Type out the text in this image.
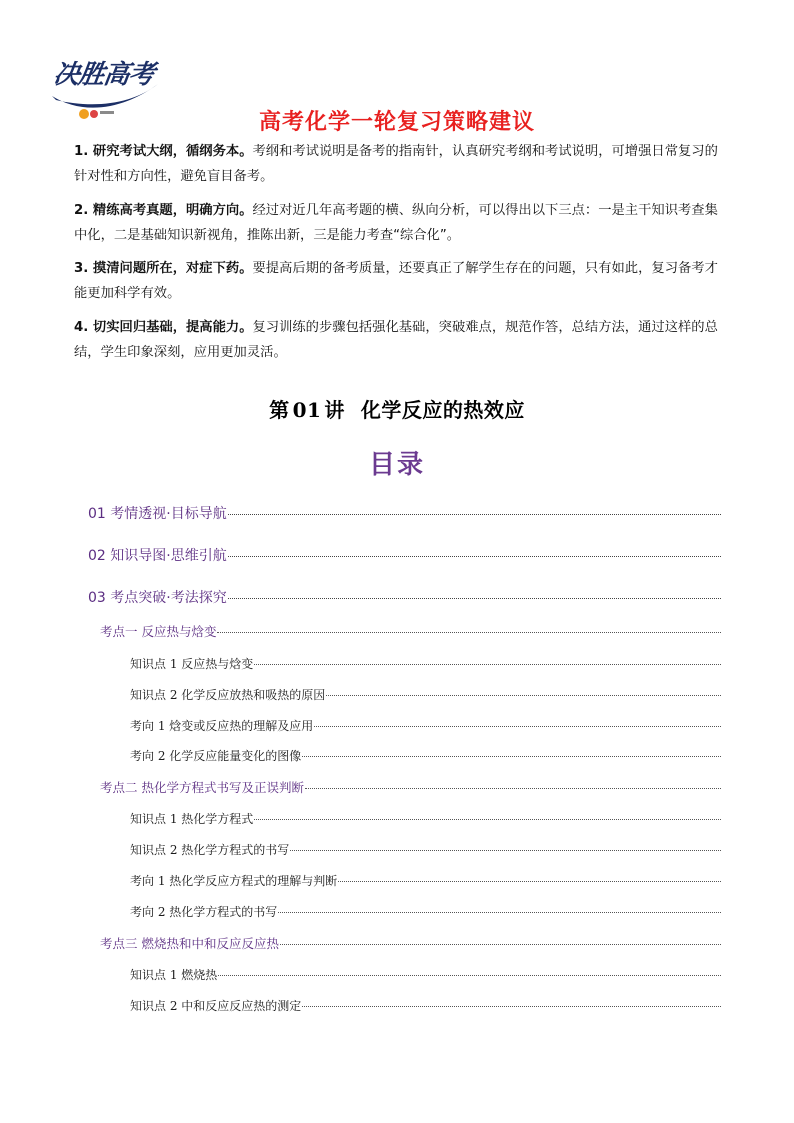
决胜高考
高考化学一轮复习策略建议
1. 研究考试大纲，循纲务本。考纲和考试说明是备考的指南针，认真研究考纲和考试说明，可增强日常复习的针对性和方向性，避免盲目备考。
2. 精练高考真题，明确方向。经过对近几年高考题的横、纵向分析，可以得出以下三点：一是主干知识考查集中化，二是基础知识新视角，推陈出新，三是能力考查“综合化”。
3. 摸清问题所在，对症下药。要提高后期的备考质量，还要真正了解学生存在的问题，只有如此，复习备考才能更加科学有效。
4. 切实回归基础，提高能力。复习训练的步骤包括强化基础，突破难点，规范作答，总结方法，通过这样的总结，学生印象深刻，应用更加灵活。
第 01 讲 化学反应的热效应
目录
01 考情透视·目标导航
02 知识导图·思维引航
03 考点突破·考法探究
考点一 反应热与焓变
知识点 1 反应热与焓变
知识点 2 化学反应放热和吸热的原因
考向 1 焓变或反应热的理解及应用
考向 2 化学反应能量变化的图像
考点二 热化学方程式书写及正误判断
知识点 1 热化学方程式
知识点 2 热化学方程式的书写
考向 1 热化学反应方程式的理解与判断
考向 2 热化学方程式的书写
考点三 燃烧热和中和反应反应热
知识点 1 燃烧热
知识点 2 中和反应反应热的测定
